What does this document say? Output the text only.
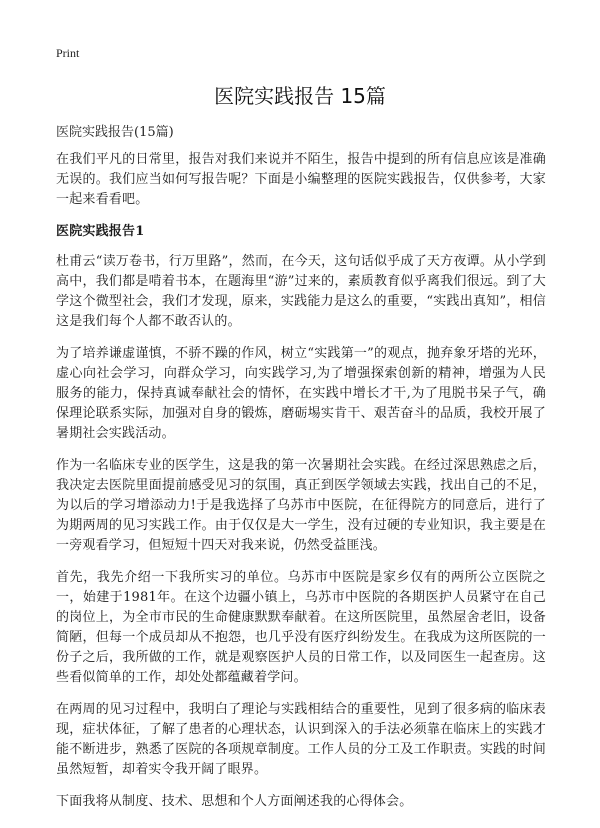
Print
医院实践报告 15篇
医院实践报告(15篇)

在我们平凡的日常里，报告对我们来说并不陌生，报告中提到的所有信息应该是准确无误的。我们应当如何写报告呢？下面是小编整理的医院实践报告，仅供参考，大家一起来看看吧。

医院实践报告1

杜甫云“读万卷书，行万里路”，然而，在今天，这句话似乎成了天方夜谭。从小学到高中，我们都是啃着书本，在题海里“游”过来的，素质教育似乎离我们很远。到了大学这个微型社会，我们才发现，原来，实践能力是这么的重要，“实践出真知”，相信这是我们每个人都不敢否认的。

为了培养谦虚谨慎，不骄不躁的作风，树立“实践第一”的观点，抛弃象牙塔的光环，虚心向社会学习，向群众学习，向实践学习,为了增强探索创新的精神，增强为人民服务的能力，保持真诚奉献社会的情怀，在实践中增长才干,为了甩脱书呆子气，确保理论联系实际，加强对自身的锻炼，磨砺埸实肯干、艰苦奋斗的品质，我校开展了暑期社会实践活动。

作为一名临床专业的医学生，这是我的第一次暑期社会实践。在经过深思熟虑之后，我决定去医院里面提前感受见习的氛围，真正到医学领域去实践，找出自己的不足，为以后的学习增添动力!于是我选择了乌苏市中医院，在征得院方的同意后，进行了为期两周的见习实践工作。由于仅仅是大一学生，没有过硬的专业知识，我主要是在一旁观看学习，但短短十四天对我来说，仍然受益匪浅。

首先，我先介绍一下我所实习的单位。乌苏市中医院是家乡仅有的两所公立医院之一，始建于1981年。在这个边疆小镇上，乌苏市中医院的各期医护人员紧守在自己的岗位上，为全市市民的生命健康默默奉献着。在这所医院里，虽然屋舍老旧，设备简陋，但每一个成员却从不抱怨，也几乎没有医疗纠纷发生。在我成为这所医院的一份子之后，我所做的工作，就是观察医护人员的日常工作，以及同医生一起查房。这些看似简单的工作，却处处都蕴藏着学问。

在两周的见习过程中，我明白了理论与实践相结合的重要性，见到了很多病的临床表现，症状体征，了解了患者的心理状态，认识到深入的手法必须靠在临床上的实践才能不断进步，熟悉了医院的各项规章制度。工作人员的分工及工作职责。实践的时间虽然短暂，却着实令我开阔了眼界。

下面我将从制度、技术、思想和个人方面阐述我的心得体会。
